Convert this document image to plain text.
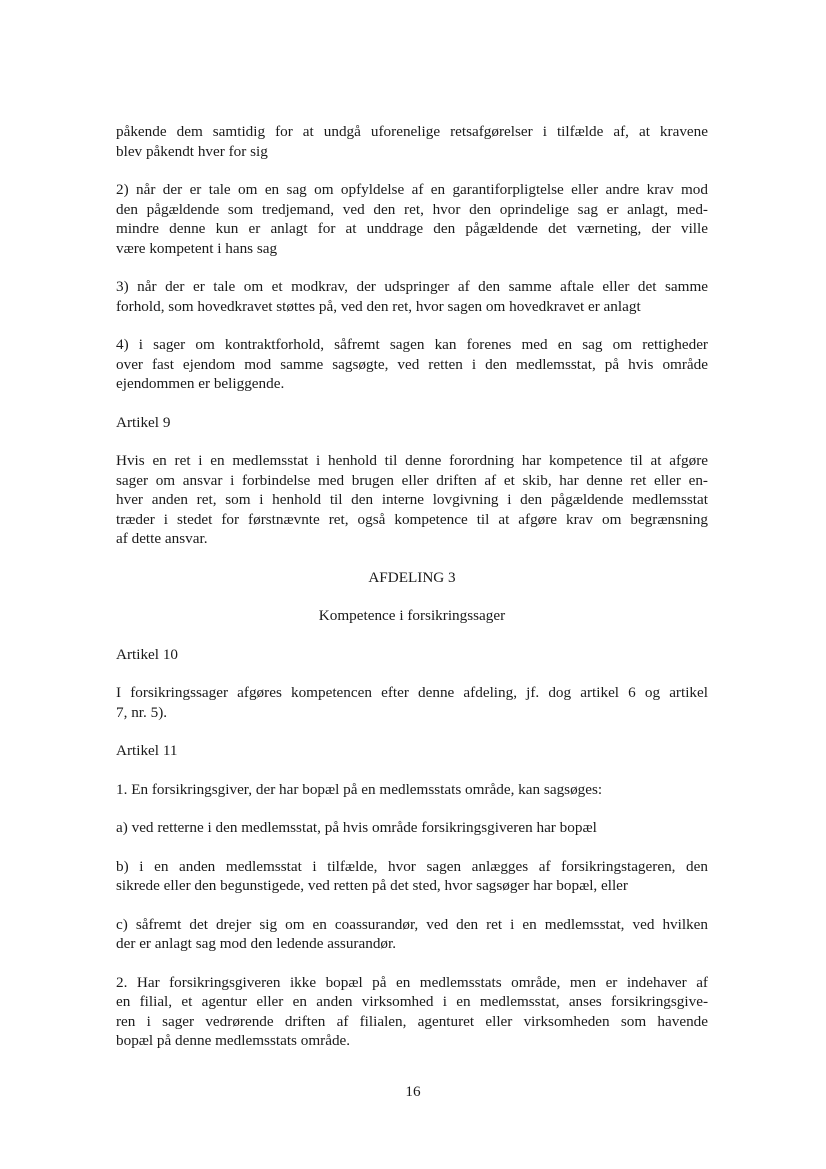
påkende dem samtidig for at undgå uforenelige retsafgørelser i tilfælde af, at kravene
blev påkendt hver for sig

2) når der er tale om en sag om opfyldelse af en garantiforpligtelse eller andre krav mod
den pågældende som tredjemand, ved den ret, hvor den oprindelige sag er anlagt, med-
mindre denne kun er anlagt for at unddrage den pågældende det værneting, der ville
være kompetent i hans sag

3) når der er tale om et modkrav, der udspringer af den samme aftale eller det samme
forhold, som hovedkravet støttes på, ved den ret, hvor sagen om hovedkravet er anlagt

4) i sager om kontraktforhold, såfremt sagen kan forenes med en sag om rettigheder
over fast ejendom mod samme sagsøgte, ved retten i den medlemsstat, på hvis område
ejendommen er beliggende.

Artikel 9

Hvis en ret i en medlemsstat i henhold til denne forordning har kompetence til at afgøre
sager om ansvar i forbindelse med brugen eller driften af et skib, har denne ret eller en-
hver anden ret, som i henhold til den interne lovgivning i den pågældende medlemsstat
træder i stedet for førstnævnte ret, også kompetence til at afgøre krav om begrænsning
af dette ansvar.

AFDELING 3

Kompetence i forsikringssager

Artikel 10

I forsikringssager afgøres kompetencen efter denne afdeling, jf. dog artikel 6 og artikel
7, nr. 5).

Artikel 11

1. En forsikringsgiver, der har bopæl på en medlemsstats område, kan sagsøges:

a) ved retterne i den medlemsstat, på hvis område forsikringsgiveren har bopæl

b) i en anden medlemsstat i tilfælde, hvor sagen anlægges af forsikringstageren, den
sikrede eller den begunstigede, ved retten på det sted, hvor sagsøger har bopæl, eller

c) såfremt det drejer sig om en coassurandør, ved den ret i en medlemsstat, ved hvilken
der er anlagt sag mod den ledende assurandør.

2. Har forsikringsgiveren ikke bopæl på en medlemsstats område, men er indehaver af
en filial, et agentur eller en anden virksomhed i en medlemsstat, anses forsikringsgive-
ren i sager vedrørende driften af filialen, agenturet eller virksomheden som havende
bopæl på denne medlemsstats område.

16
